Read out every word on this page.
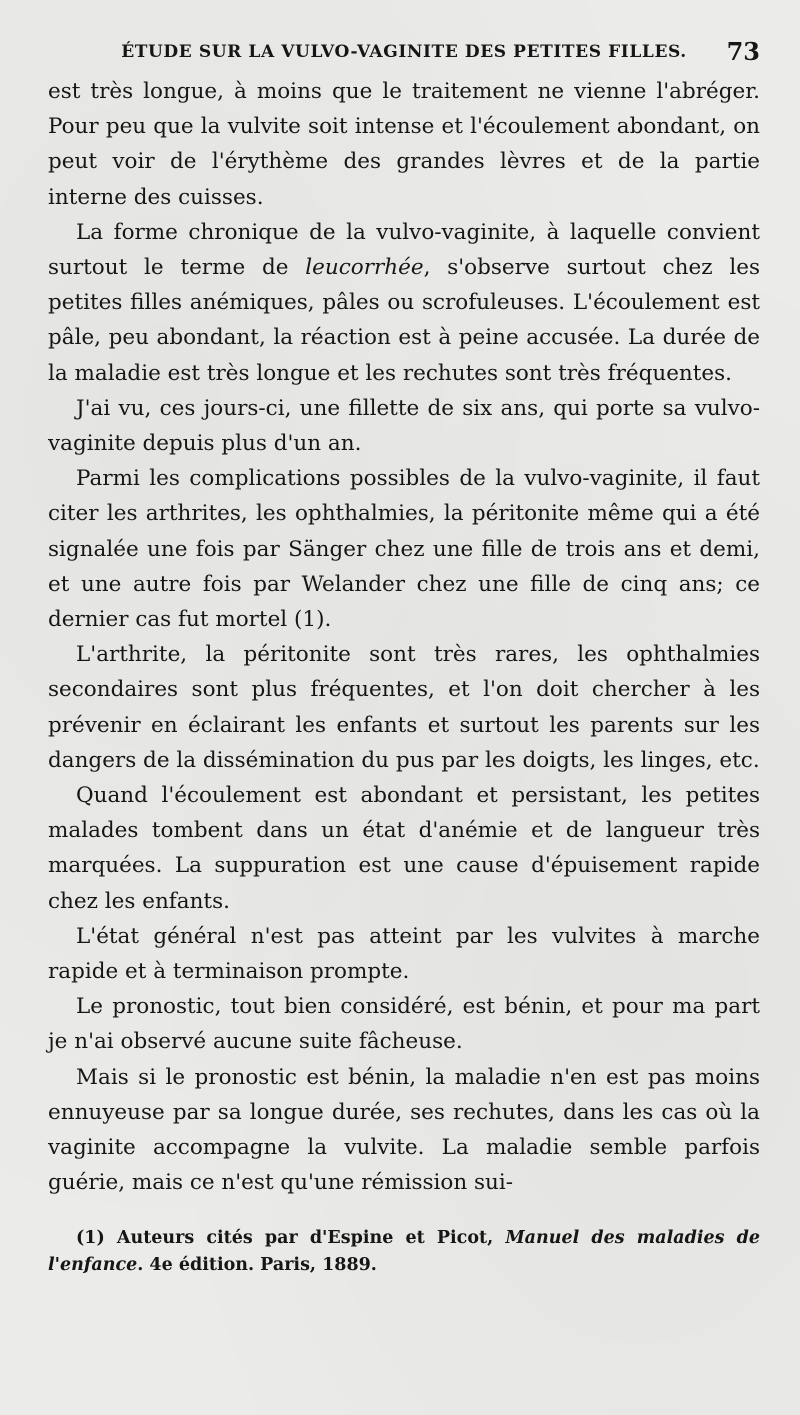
ÉTUDE SUR LA VULVO-VAGINITE DES PETITES FILLES. 73

est très longue, à moins que le traitement ne vienne l'abréger. Pour peu que la vulvite soit intense et l'écoulement abondant, on peut voir de l'érythème des grandes lèvres et de la partie interne des cuisses.

La forme chronique de la vulvo-vaginite, à laquelle convient surtout le terme de leucorrhée, s'observe surtout chez les petites filles anémiques, pâles ou scrofuleuses. L'écoulement est pâle, peu abondant, la réaction est à peine accusée. La durée de la maladie est très longue et les rechutes sont très fréquentes.

J'ai vu, ces jours-ci, une fillette de six ans, qui porte sa vulvo-vaginite depuis plus d'un an.

Parmi les complications possibles de la vulvo-vaginite, il faut citer les arthrites, les ophthalmies, la péritonite même qui a été signalée une fois par Sänger chez une fille de trois ans et demi, et une autre fois par Welander chez une fille de cinq ans; ce dernier cas fut mortel (1).

L'arthrite, la péritonite sont très rares, les ophthalmies secondaires sont plus fréquentes, et l'on doit chercher à les prévenir en éclairant les enfants et surtout les parents sur les dangers de la dissémination du pus par les doigts, les linges, etc.

Quand l'écoulement est abondant et persistant, les petites malades tombent dans un état d'anémie et de langueur très marquées. La suppuration est une cause d'épuisement rapide chez les enfants.

L'état général n'est pas atteint par les vulvites à marche rapide et à terminaison prompte.

Le pronostic, tout bien considéré, est bénin, et pour ma part je n'ai observé aucune suite fâcheuse.

Mais si le pronostic est bénin, la maladie n'en est pas moins ennuyeuse par sa longue durée, ses rechutes, dans les cas où la vaginite accompagne la vulvite. La maladie semble parfois guérie, mais ce n'est qu'une rémission sui-

(1) Auteurs cités par d'Espine et Picot, Manuel des maladies de l'enfance. 4e édition. Paris, 1889.
